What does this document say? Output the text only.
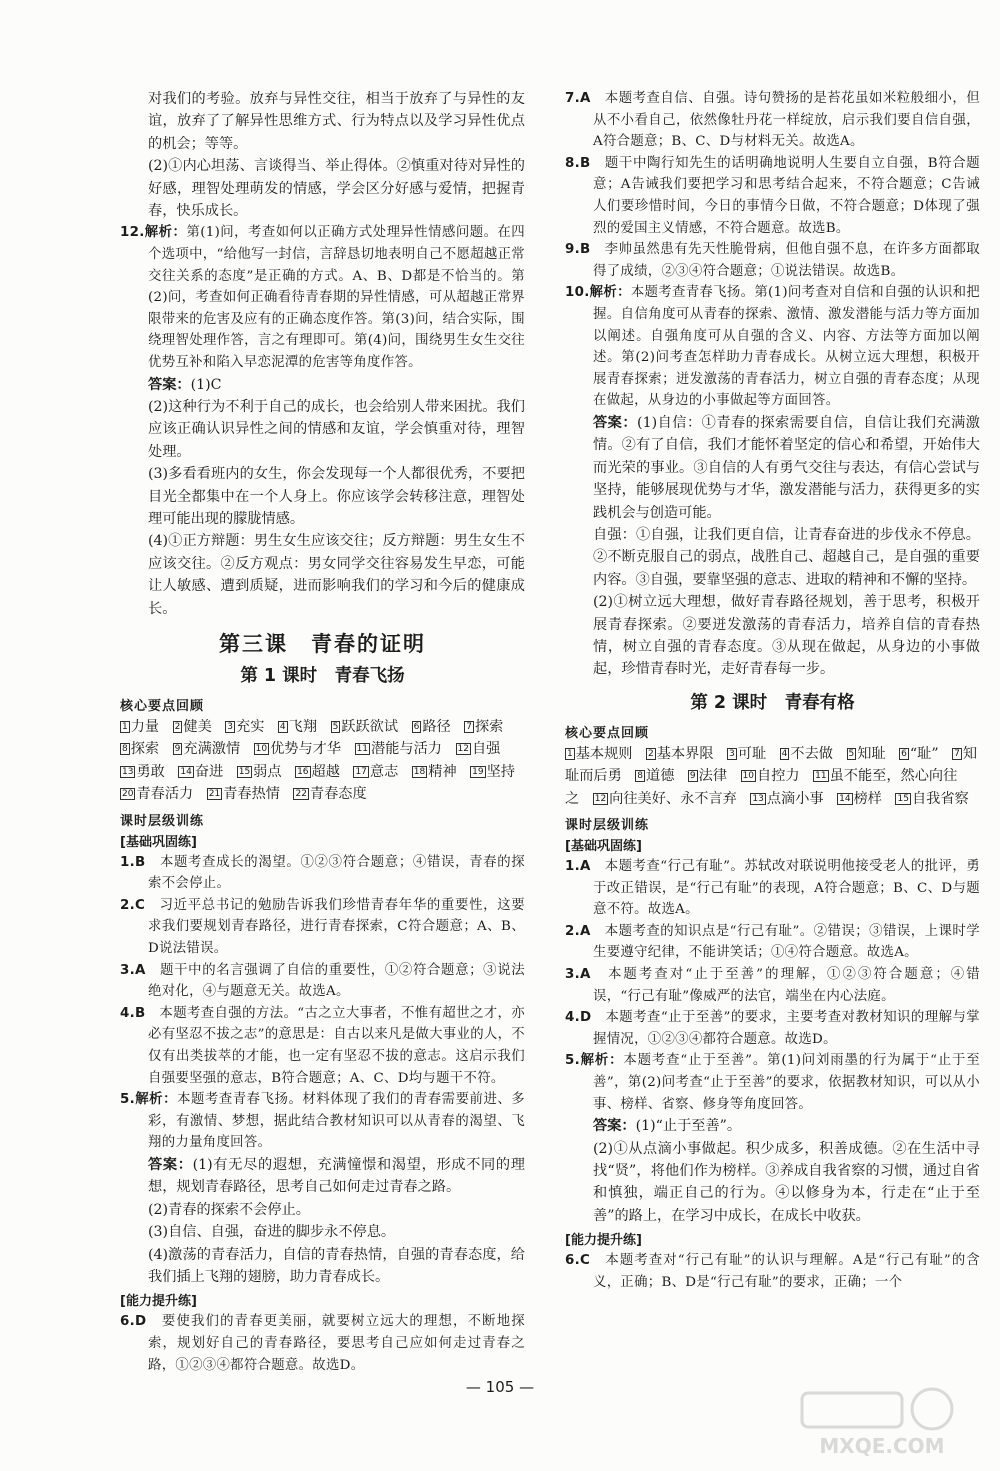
对我们的考验。放弃与异性交往，相当于放弃了与异性的友谊，放弃了了解异性思维方式、行为特点以及学习异性优点的机会；等等。

(2)①内心坦荡、言谈得当、举止得体。②慎重对待对异性的好感，理智处理萌发的情感，学会区分好感与爱情，把握青春，快乐成长。

12.解析：第(1)问，考查如何以正确方式处理异性情感问题。在四个选项中，“给他写一封信，言辞恳切地表明自己不愿超越正常交往关系的态度”是正确的方式。A、B、D都是不恰当的。第(2)问，考查如何正确看待青春期的异性情感，可从超越正常界限带来的危害及应有的正确态度作答。第(3)问，结合实际，围绕理智处理作答，言之有理即可。第(4)问，围绕男生女生交往优势互补和陷入早恋泥潭的危害等角度作答。

答案：(1)C

(2)这种行为不利于自己的成长，也会给别人带来困扰。我们应该正确认识异性之间的情感和友谊，学会慎重对待，理智处理。

(3)多看看班内的女生，你会发现每一个人都很优秀，不要把目光全都集中在一个人身上。你应该学会转移注意，理智处理可能出现的朦胧情感。

(4)①正方辩题：男生女生应该交往；反方辩题：男生女生不应该交往。②反方观点：男女同学交往容易发生早恋，可能让人敏感、遭到质疑，进而影响我们的学习和今后的健康成长。

第三课　青春的证明
第 1 课时　青春飞扬
核心要点回顾

1 力量 2 健美 3 充实 4 飞翔 5 跃跃欲试 6 路径 7 探索 8 探索 9 充满激情 10 优势与才华 11 潜能与活力 12 自强 13 勇敢 14 奋进 15 弱点 16 超越 17 意志 18 精神 19 坚持 20 青春活力 21 青春热情 22 青春态度

课时层级训练
[基础巩固练]

1.B　 本题考查成长的渴望。①②③符合题意；④错误，青春的探索不会停止。

2.C　 习近平总书记的勉励告诉我们珍惜青春年华的重要性，这要求我们要规划青春路径，进行青春探索，C符合题意；A、B、D说法错误。

3.A　 题干中的名言强调了自信的重要性，①②符合题意；③说法绝对化，④与题意无关。故选A。

4.B　 本题考查自强的方法。“古之立大事者，不惟有超世之才，亦必有坚忍不拔之志”的意思是：自古以来凡是做大事业的人，不仅有出类拔萃的才能，也一定有坚忍不拔的意志。这启示我们自强要坚强的意志，B符合题意；A、C、D均与题干不符。

5.解析：本题考查青春飞扬。材料体现了我们的青春需要前进、多彩，有激情、梦想，据此结合教材知识可以从青春的渴望、飞翔的力量角度回答。

答案：(1)有无尽的遐想，充满憧憬和渴望，形成不同的理想，规划青春路径，思考自己如何走过青春之路。

(2)青春的探索不会停止。

(3)自信、自强，奋进的脚步永不停息。

(4)激荡的青春活力，自信的青春热情，自强的青春态度，给我们插上飞翔的翅膀，助力青春成长。

[能力提升练]

6.D　 要使我们的青春更美丽，就要树立远大的理想，不断地探索，规划好自己的青春路径，要思考自己应如何走过青春之路，①②③④都符合题意。故选D。

7.A　 本题考查自信、自强。诗句赞扬的是苔花虽如米粒般细小，但从不小看自己，依然像牡丹花一样绽放，启示我们要自信自强，A符合题意；B、C、D与材料无关。故选A。

8.B　 题干中陶行知先生的话明确地说明人生要自立自强，B符合题意；A告诫我们要把学习和思考结合起来，不符合题意；C告诫人们要珍惜时间，今日的事情今日做，不符合题意；D体现了强烈的爱国主义情感，不符合题意。故选B。

9.B　 李帅虽然患有先天性脆骨病，但他自强不息，在许多方面都取得了成绩，②③④符合题意；①说法错误。故选B。

10.解析：本题考查青春飞扬。第(1)问考查对自信和自强的认识和把握。自信角度可从青春的探索、激情、激发潜能与活力等方面加以阐述。自强角度可从自强的含义、内容、方法等方面加以阐述。第(2)问考查怎样助力青春成长。从树立远大理想，积极开展青春探索；迸发激荡的青春活力，树立自强的青春态度；从现在做起，从身边的小事做起等方面回答。

答案：(1)自信：①青春的探索需要自信，自信让我们充满激情。②有了自信，我们才能怀着坚定的信心和希望，开始伟大而光荣的事业。③自信的人有勇气交往与表达，有信心尝试与坚持，能够展现优势与才华，激发潜能与活力，获得更多的实践机会与创造可能。

自强：①自强，让我们更自信，让青春奋进的步伐永不停息。②不断克服自己的弱点，战胜自己、超越自己，是自强的重要内容。③自强，要靠坚强的意志、进取的精神和不懈的坚持。

(2)①树立远大理想，做好青春路径规划，善于思考，积极开展青春探索。②要迸发激荡的青春活力，培养自信的青春热情，树立自强的青春态度。③从现在做起，从身边的小事做起，珍惜青春时光，走好青春每一步。

第 2 课时　青春有格
核心要点回顾

1 基本规则 2 基本界限 3 可耻 4 不去做 5 知耻 6 “耻” 7 知耻而后勇 8 道德 9 法律 10 自控力 11 虽不能至，然心向往之 12 向往美好、永不言弃 13 点滴小事 14 榜样 15 自我省察

课时层级训练
[基础巩固练]

1.A　 本题考查“行己有耻”。苏轼改对联说明他接受老人的批评，勇于改正错误，是“行己有耻”的表现，A符合题意；B、C、D与题意不符。故选A。

2.A　 本题考查的知识点是“行己有耻”。②错误；③错误，上课时学生要遵守纪律，不能讲笑话；①④符合题意。故选A。

3.A　 本题考查对“止于至善”的理解，①②③符合题意；④错误，“行己有耻”像威严的法官，端坐在内心法庭。

4.D　 本题考查“止于至善”的要求，主要考查对教材知识的理解与掌握情况，①②③④都符合题意。故选D。

5.解析：本题考查“止于至善”。第(1)问刘雨墨的行为属于“止于至善”，第(2)问考查“止于至善”的要求，依据教材知识，可以从小事、榜样、省察、修身等角度回答。

答案：(1)“止于至善”。

(2)①从点滴小事做起。积少成多，积善成德。②在生活中寻找“贤”，将他们作为榜样。③养成自我省察的习惯，通过自省和慎独，端正自己的行为。④以修身为本，行走在“止于至善”的路上，在学习中成长，在成长中收获。

[能力提升练]

6.C　 本题考查对“行己有耻”的认识与理解。A是“行己有耻”的含义，正确；B、D是“行己有耻”的要求，正确；一个

— 105 —
MXQE.COM
